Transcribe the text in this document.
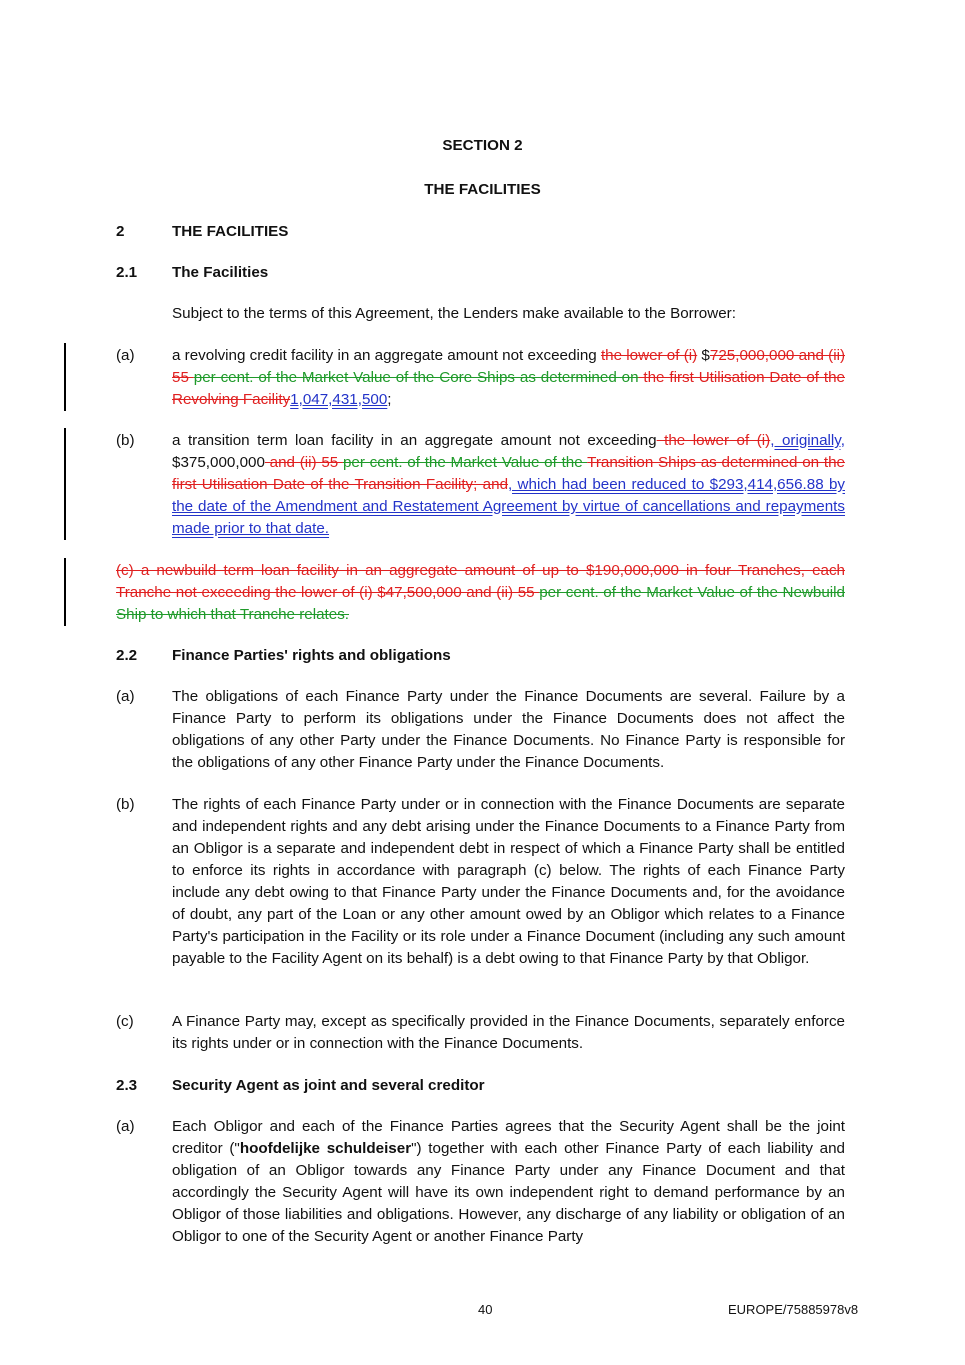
SECTION 2
THE FACILITIES
2	THE FACILITIES
2.1 The Facilities
Subject to the terms of this Agreement, the Lenders make available to the Borrower:
(a) a revolving credit facility in an aggregate amount not exceeding the lower of (i) $725,000,000 and (ii) 55 per cent. of the Market Value of the Core Ships as determined on the first Utilisation Date of the Revolving Facility1,047,431,500;
(b) a transition term loan facility in an aggregate amount not exceeding the lower of (i), originally, $375,000,000 and (ii) 55 per cent. of the Market Value of the Transition Ships as determined on the first Utilisation Date of the Transition Facility; and, which had been reduced to $293,414,656.88 by the date of the Amendment and Restatement Agreement by virtue of cancellations and repayments made prior to that date.
(c) a newbuild term loan facility in an aggregate amount of up to $190,000,000 in four Tranches, each Tranche not exceeding the lower of (i) $47,500,000 and (ii) 55 per cent. of the Market Value of the Newbuild Ship to which that Tranche relates.
2.2 Finance Parties' rights and obligations
(a) The obligations of each Finance Party under the Finance Documents are several. Failure by a Finance Party to perform its obligations under the Finance Documents does not affect the obligations of any other Party under the Finance Documents. No Finance Party is responsible for the obligations of any other Finance Party under the Finance Documents.
(b) The rights of each Finance Party under or in connection with the Finance Documents are separate and independent rights and any debt arising under the Finance Documents to a Finance Party from an Obligor is a separate and independent debt in respect of which a Finance Party shall be entitled to enforce its rights in accordance with paragraph (c) below. The rights of each Finance Party include any debt owing to that Finance Party under the Finance Documents and, for the avoidance of doubt, any part of the Loan or any other amount owed by an Obligor which relates to a Finance Party's participation in the Facility or its role under a Finance Document (including any such amount payable to the Facility Agent on its behalf) is a debt owing to that Finance Party by that Obligor.
(c)	A Finance Party may, except as specifically provided in the Finance Documents, separately enforce its rights under or in connection with the Finance Documents.
2.3 Security Agent as joint and several creditor
(a) Each Obligor and each of the Finance Parties agrees that the Security Agent shall be the joint creditor ("hoofdelijke schuldeiser") together with each other Finance Party of each liability and obligation of an Obligor towards any Finance Party under any Finance Document and that accordingly the Security Agent will have its own independent right to demand performance by an Obligor of those liabilities and obligations. However, any discharge of any liability or obligation of an Obligor to one of the Security Agent or another Finance Party
40	EUROPE/75885978v8
